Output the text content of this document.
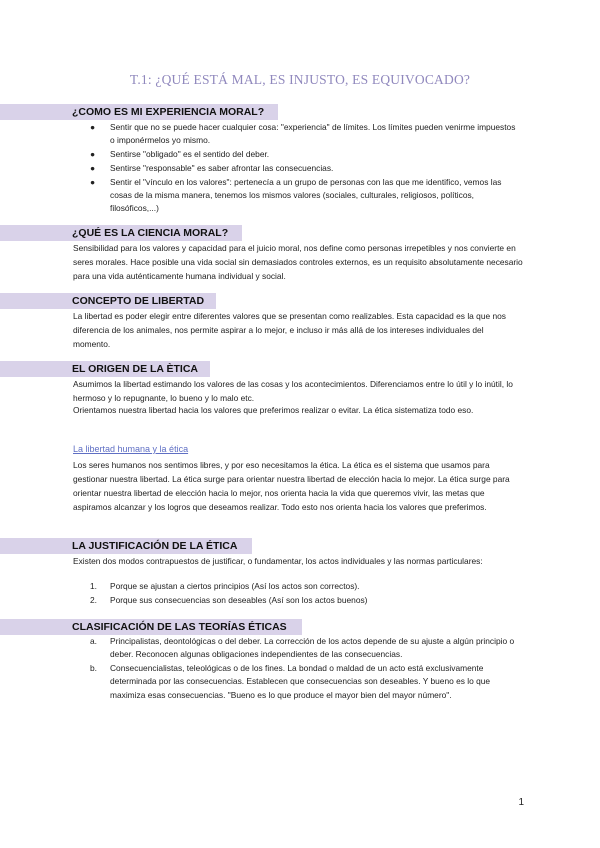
T.1: ¿QUÉ ESTÁ MAL, ES INJUSTO, ES EQUIVOCADO?
¿COMO ES MI EXPERIENCIA MORAL?
● Sentir que no se puede hacer cualquier cosa: "experiencia" de límites. Los límites pueden venirme impuestos o imponérmelos yo mismo.
● Sentirse "obligado" es el sentido del deber.
● Sentirse "responsable" es saber afrontar las consecuencias.
● Sentir el "vínculo en los valores": pertenecía a un grupo de personas con las que me identifico, vemos las cosas de la misma manera, tenemos los mismos valores (sociales, culturales, religiosos, políticos, filosóficos,...)
¿QUÉ ES LA CIENCIA MORAL?

Sensibilidad para los valores y capacidad para el juicio moral, nos define como personas irrepetibles y nos convierte en seres morales. Hace posible una vida social sin demasiados controles externos, es un requisito absolutamente necesario para una vida auténticamente humana individual y social.

CONCEPTO DE LIBERTAD

La libertad es poder elegir entre diferentes valores que se presentan como realizables. Esta capacidad es la que nos diferencia de los animales, nos permite aspirar a lo mejor, e incluso ir más allá de los intereses individuales del momento.

EL ORIGEN DE LA ÈTICA

Asumimos la libertad estimando los valores de las cosas y los acontecimientos. Diferenciamos entre lo útil y lo inútil, lo hermoso y lo repugnante, lo bueno y lo malo etc.

Orientamos nuestra libertad hacia los valores que preferimos realizar o evitar. La ética sistematiza todo eso.

La libertad humana y la ética

Los seres humanos nos sentimos libres, y por eso necesitamos la ética. La ética es el sistema que usamos para gestionar nuestra libertad. La ética surge para orientar nuestra libertad de elección hacia lo mejor. La ética surge para orientar nuestra libertad de elección hacia lo mejor, nos orienta hacia la vida que queremos vivir, las metas que aspiramos alcanzar y los logros que deseamos realizar. Todo esto nos orienta hacia los valores que preferimos.

LA JUSTIFICACIÓN DE LA ÉTICA

Existen dos modos contrapuestos de justificar, o fundamentar, los actos individuales y las normas particulares:

1. Porque se ajustan a ciertos principios (Así los actos son correctos).
2. Porque sus consecuencias son deseables (Así son los actos buenos)
CLASIFICACIÓN DE LAS TEORÍAS ÉTICAS
a. Principalistas, deontológicas o del deber. La corrección de los actos depende de su ajuste a algún principio o deber. Reconocen algunas obligaciones independientes de las consecuencias.
b. Consecuencialistas, teleológicas o de los fines. La bondad o maldad de un acto está exclusivamente determinada por las consecuencias. Establecen que consecuencias son deseables. Y bueno es lo que maximiza esas consecuencias. "Bueno es lo que produce el mayor bien del mayor número".
1
